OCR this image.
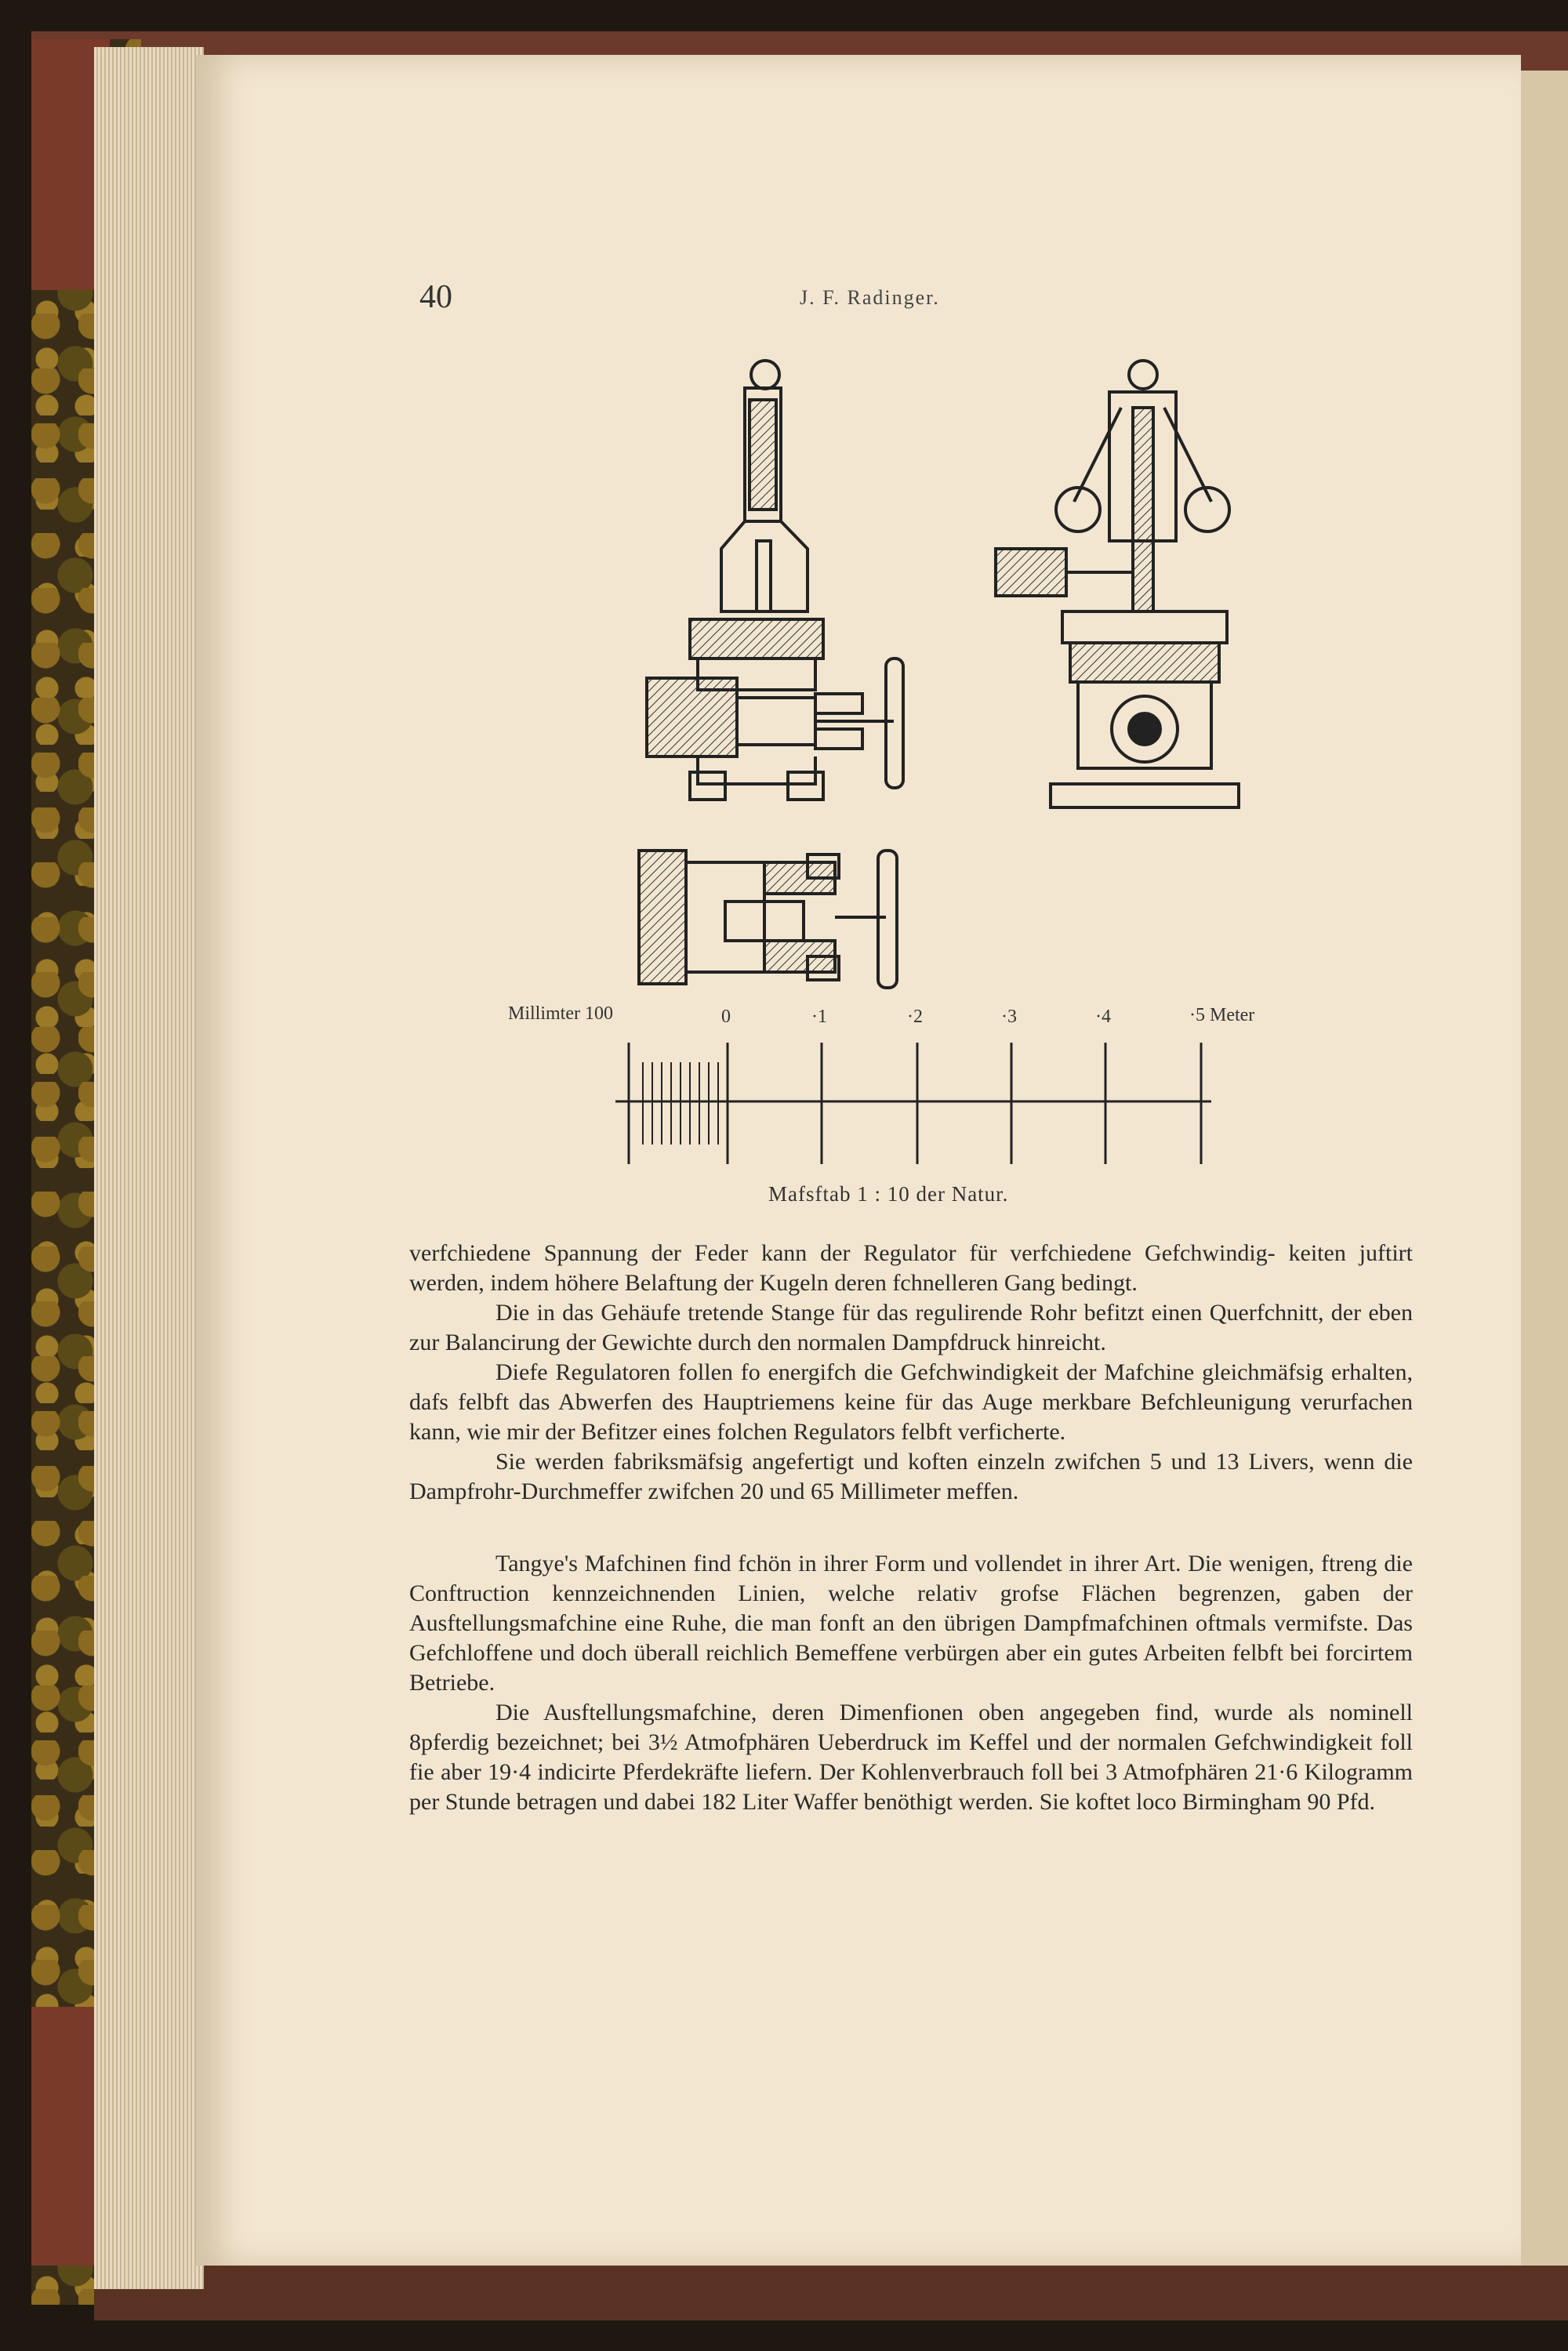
40	J. F. Radinger.
Millimter 100	0	·1	·2	·3	·4	·5 Meter
Mafsftab 1 : 10 der Natur.

verfchiedene Spannung der Feder kann der Regulator für verfchiedene Gefchwindig- keiten juftirt werden, indem höhere Belaftung der Kugeln deren fchnelleren Gang bedingt.

Die in das Gehäufe tretende Stange für das regulirende Rohr befitzt einen Querfchnitt, der eben zur Balancirung der Gewichte durch den normalen Dampfdruck hinreicht.

Diefe Regulatoren follen fo energifch die Gefchwindigkeit der Mafchine gleichmäfsig erhalten, dafs felbft das Abwerfen des Hauptriemens keine für das Auge merkbare Befchleunigung verurfachen kann, wie mir der Befitzer eines folchen Regulators felbft verficherte.

Sie werden fabriksmäfsig angefertigt und koften einzeln zwifchen 5 und 13 Livers, wenn die Dampfrohr-Durchmeffer zwifchen 20 und 65 Millimeter meffen.

Tangye's Mafchinen find fchön in ihrer Form und vollendet in ihrer Art. Die wenigen, ftreng die Conftruction kennzeichnenden Linien, welche relativ grofse Flächen begrenzen, gaben der Ausftellungsmafchine eine Ruhe, die man fonft an den übrigen Dampfmafchinen oftmals vermifste. Das Gefchloffene und doch überall reichlich Bemeffene verbürgen aber ein gutes Arbeiten felbft bei forcirtem Betriebe.

Die Ausftellungsmafchine, deren Dimenfionen oben angegeben find, wurde als nominell 8pferdig bezeichnet; bei 3½ Atmofphären Ueberdruck im Keffel und der normalen Gefchwindigkeit foll fie aber 19·4 indicirte Pferdekräfte liefern. Der Kohlenverbrauch foll bei 3 Atmofphären 21·6 Kilogramm per Stunde betragen und dabei 182 Liter Waffer benöthigt werden. Sie koftet loco Birmingham 90 Pfd.
